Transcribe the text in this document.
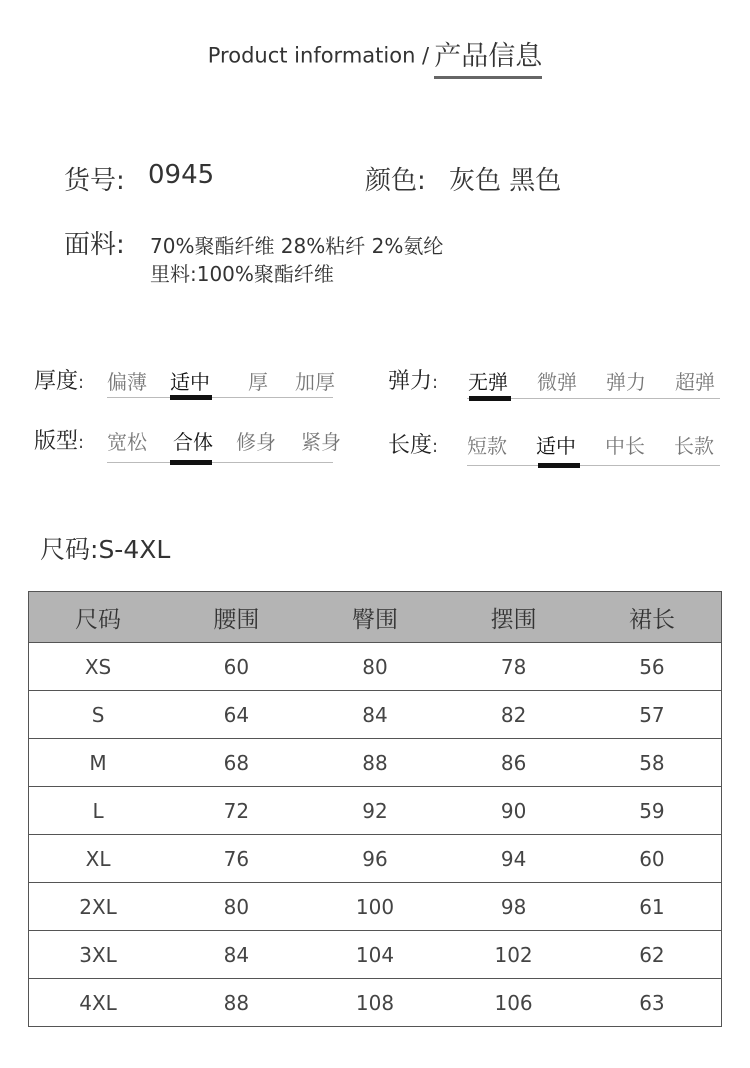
Product information / 产品信息
货号: 0945	颜色: 灰色 黑色
面料: 70%聚酯纤维 28%粘纤 2%氨纶
里料:100%聚酯纤维
厚度: 偏薄 适中 厚 加厚 弹力: 无弹 微弹 弹力 超弹
版型: 宽松 合体 修身 紧身 长度: 短款 适中 中长 长款
尺码:S-4XL
尺码	腰围	臀围	摆围	裙长
XS	60	80	78	56
S	64	84	82	57
M	68	88	86	58
L	72	92	90	59
XL	76	96	94	60
2XL	80	100	98	61
3XL	84	104	102	62
4XL	88	108	106	63
